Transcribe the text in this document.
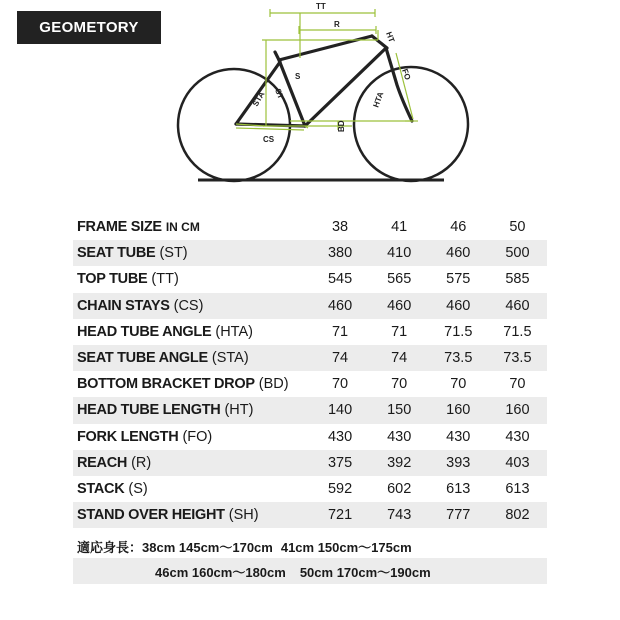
GEOMETORY
TT
R
HT
S	FO
STA ST	HTA
BD
CS
FRAME SIZE IN CM	38	41	46	50
SEAT TUBE (ST)	380	410	460	500
TOP TUBE (TT)	545	565	575	585
CHAIN STAYS (CS)	460	460	460	460
HEAD TUBE ANGLE (HTA)	71	71	71.5	71.5
SEAT TUBE ANGLE (STA)	74	74	73.5	73.5
BOTTOM BRACKET DROP (BD)	70	70	70	70
HEAD TUBE LENGTH (HT)	140	150	160	160
FORK LENGTH (FO)	430	430	430	430
REACH (R)	375	392	393	403
STACK (S)	592	602	613	613
STAND OVER HEIGHT (SH)	721	743	777	802
適応身長： 38cm 145cm〜170cm 41cm 150cm〜175cm
46cm 160cm〜180cm 50cm 170cm〜190cm
